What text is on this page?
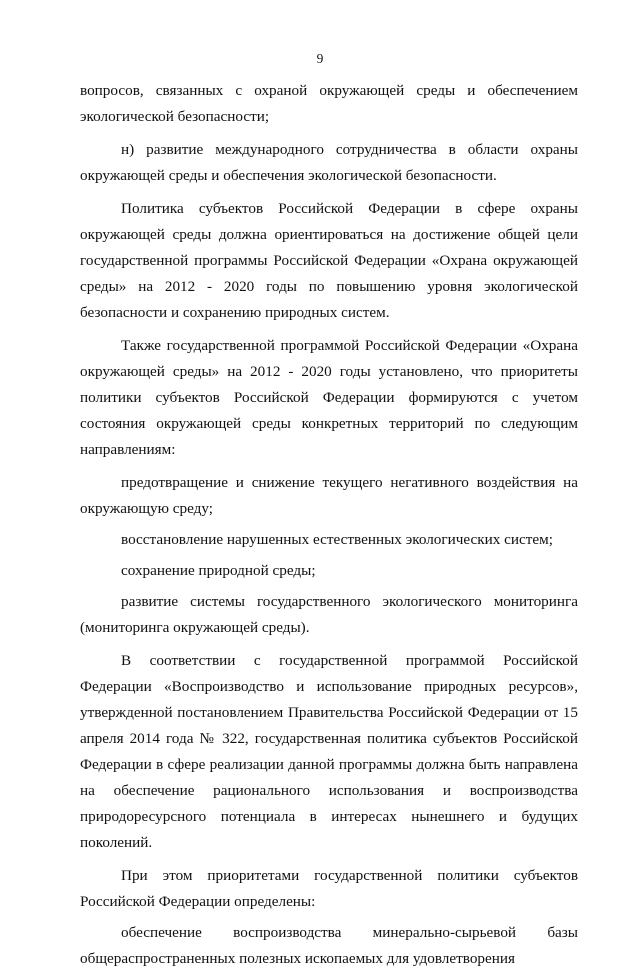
9

вопросов, связанных с охраной окружающей среды и обеспечением экологической безопасности;

н) развитие международного сотрудничества в области охраны окружающей среды и обеспечения экологической безопасности.

Политика субъектов Российской Федерации в сфере охраны окружающей среды должна ориентироваться на достижение общей цели государственной программы Российской Федерации «Охрана окружающей среды» на 2012 - 2020 годы по повышению уровня экологической безопасности и сохранению природных систем.

Также государственной программой Российской Федерации «Охрана окружающей среды» на 2012 - 2020 годы установлено, что приоритеты политики субъектов Российской Федерации формируются с учетом состояния окружающей среды конкретных территорий по следующим направлениям:

предотвращение и снижение текущего негативного воздействия на окружающую среду;

восстановление нарушенных естественных экологических систем;

сохранение природной среды;

развитие системы государственного экологического мониторинга (мониторинга окружающей среды).

В соответствии с государственной программой Российской Федерации «Воспроизводство и использование природных ресурсов», утвержденной постановлением Правительства Российской Федерации от 15 апреля 2014 года № 322, государственная политика субъектов Российской Федерации в сфере реализации данной программы должна быть направлена на обеспечение рационального использования и воспроизводства природоресурсного потенциала в интересах нынешнего и будущих поколений.

При этом приоритетами государственной политики субъектов Российской Федерации определены:

обеспечение воспроизводства минерально-сырьевой базы общераспространенных полезных ископаемых для удовлетворения
